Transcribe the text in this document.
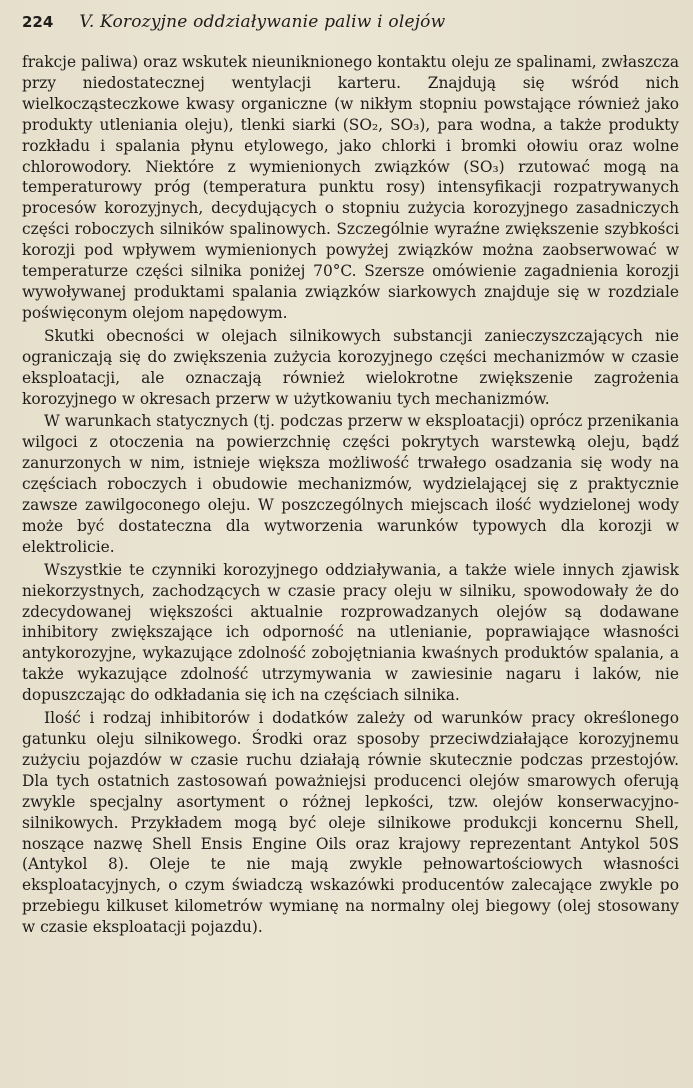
224 V. Korozyjne oddziaływanie paliw i olejów

frakcje paliwa) oraz wskutek nieuniknionego kontaktu oleju ze spalinami, zwłaszcza przy niedostatecznej wentylacji karteru. Znajdują się wśród nich wielkocząsteczkowe kwasy organiczne (w nikłym stopniu powstające również jako produkty utleniania oleju), tlenki siarki (SO₂, SO₃), para wodna, a także produkty rozkładu i spalania płynu etylowego, jako chlorki i bromki ołowiu oraz wolne chlorowodory. Niektóre z wymienionych związków (SO₃) rzutować mogą na temperaturowy próg (temperatura punktu rosy) intensyfikacji rozpatrywanych procesów korozyjnych, decydujących o stopniu zużycia korozyjnego zasadniczych części roboczych silników spalinowych. Szczególnie wyraźne zwiększenie szybkości korozji pod wpływem wymienionych powyżej związków można zaobserwować w temperaturze części silnika poniżej 70°C. Szersze omówienie zagadnienia korozji wywoływanej produktami spalania związków siarkowych znajduje się w rozdziale poświęconym olejom napędowym.

Skutki obecności w olejach silnikowych substancji zanieczyszczających nie ograniczają się do zwiększenia zużycia korozyjnego części mechanizmów w czasie eksploatacji, ale oznaczają również wielokrotne zwiększenie zagrożenia korozyjnego w okresach przerw w użytkowaniu tych mechanizmów.

W warunkach statycznych (tj. podczas przerw w eksploatacji) oprócz przenikania wilgoci z otoczenia na powierzchnię części pokrytych warstewką oleju, bądź zanurzonych w nim, istnieje większa możliwość trwałego osadzania się wody na częściach roboczych i obudowie mechanizmów, wydzielającej się z praktycznie zawsze zawilgoconego oleju. W poszczególnych miejscach ilość wydzielonej wody może być dostateczna dla wytworzenia warunków typowych dla korozji w elektrolicie.

Wszystkie te czynniki korozyjnego oddziaływania, a także wiele innych zjawisk niekorzystnych, zachodzących w czasie pracy oleju w silniku, spowodowały że do zdecydowanej większości aktualnie rozprowadzanych olejów są dodawane inhibitory zwiększające ich odporność na utlenianie, poprawiające własności antykorozyjne, wykazujące zdolność zobojętniania kwaśnych produktów spalania, a także wykazujące zdolność utrzymywania w zawiesinie nagaru i laków, nie dopuszczając do odkładania się ich na częściach silnika.

Ilość i rodzaj inhibitorów i dodatków zależy od warunków pracy określonego gatunku oleju silnikowego. Środki oraz sposoby przeciwdziałające korozyjnemu zużyciu pojazdów w czasie ruchu działają równie skutecznie podczas przestojów. Dla tych ostatnich zastosowań poważniejsi producenci olejów smarowych oferują zwykle specjalny asortyment o różnej lepkości, tzw. olejów konserwacyjno-silnikowych. Przykładem mogą być oleje silnikowe produkcji koncernu Shell, noszące nazwę Shell Ensis Engine Oils oraz krajowy reprezentant Antykol 50S (Antykol 8). Oleje te nie mają zwykle pełnowartościowych własności eksploatacyjnych, o czym świadczą wskazówki producentów zalecające zwykle po przebiegu kilkuset kilometrów wymianę na normalny olej biegowy (olej stosowany w czasie eksploatacji pojazdu).
